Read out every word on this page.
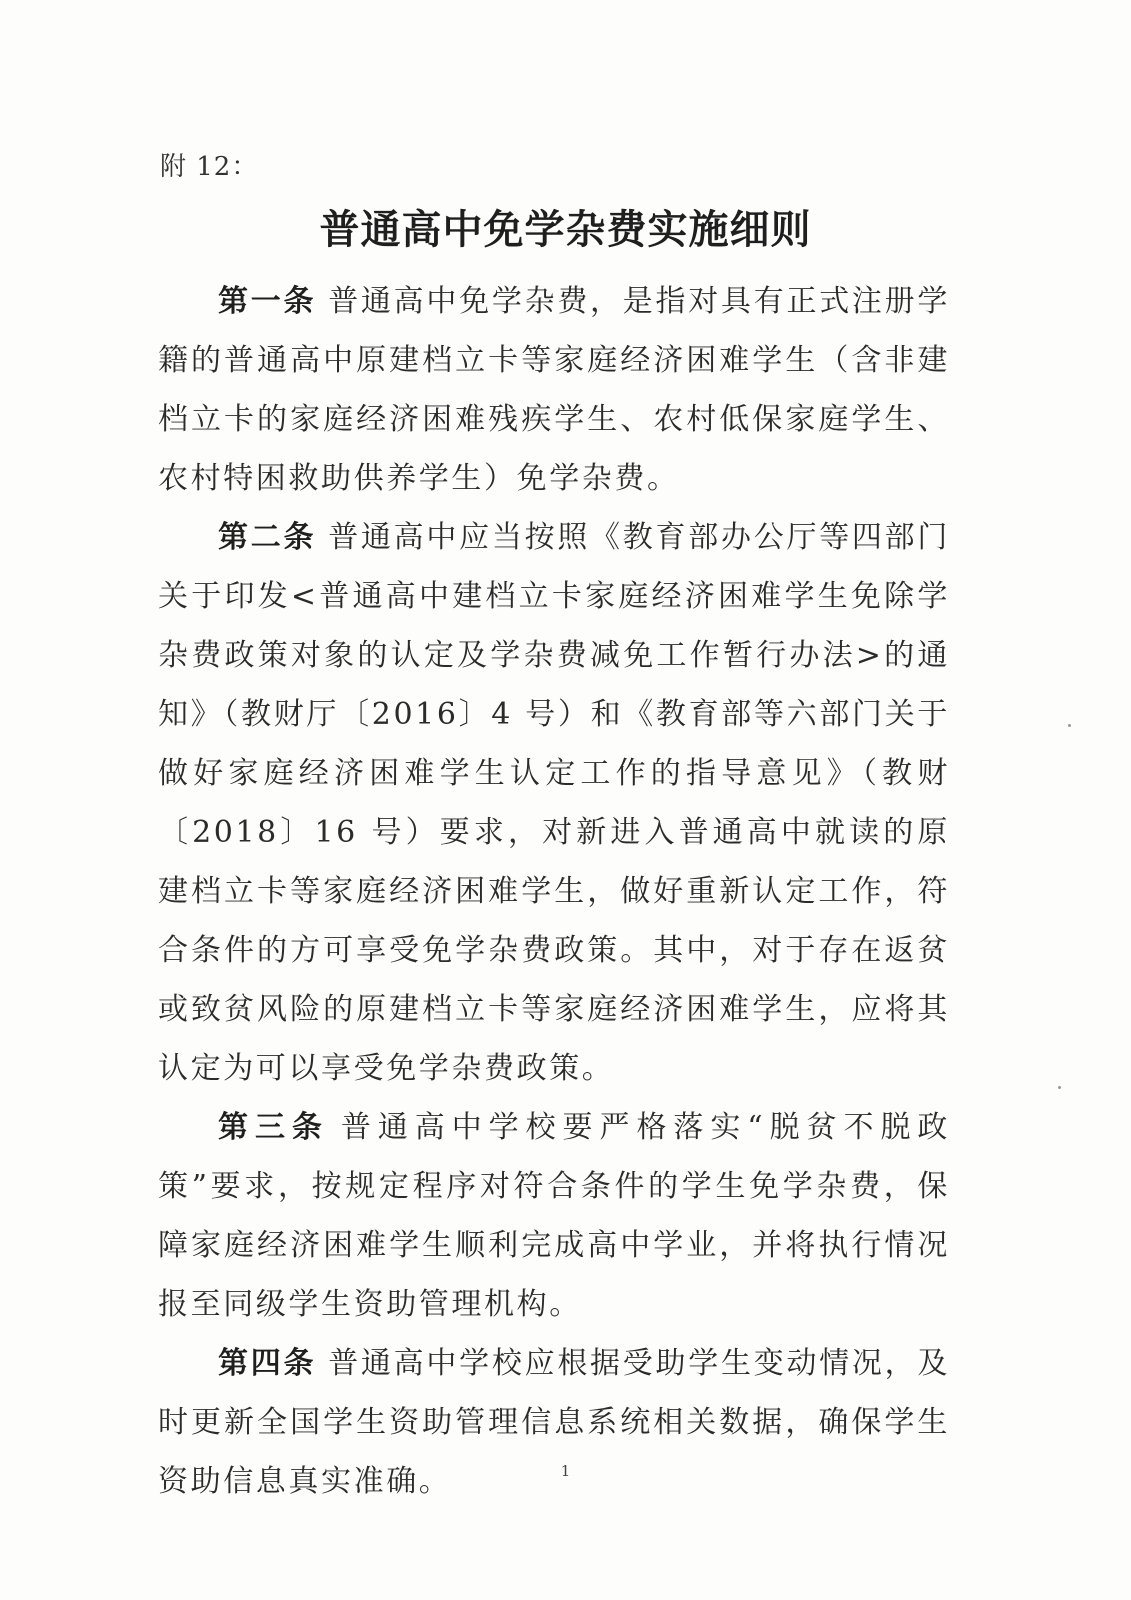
附 12：
普通高中免学杂费实施细则

第一条 普通高中免学杂费，是指对具有正式注册学籍的普通高中原建档立卡等家庭经济困难学生（含非建档立卡的家庭经济困难残疾学生、农村低保家庭学生、农村特困救助供养学生）免学杂费。

第二条 普通高中应当按照《教育部办公厅等四部门关于印发<普通高中建档立卡家庭经济困难学生免除学杂费政策对象的认定及学杂费减免工作暂行办法>的通知》（教财厅〔2016〕4 号）和《教育部等六部门关于做好家庭经济困难学生认定工作的指导意见》（教财〔2018〕16 号）要求，对新进入普通高中就读的原建档立卡等家庭经济困难学生，做好重新认定工作，符合条件的方可享受免学杂费政策。其中，对于存在返贫或致贫风险的原建档立卡等家庭经济困难学生，应将其认定为可以享受免学杂费政策。

第三条 普通高中学校要严格落实“脱贫不脱政策”要求，按规定程序对符合条件的学生免学杂费，保障家庭经济困难学生顺利完成高中学业，并将执行情况报至同级学生资助管理机构。

第四条 普通高中学校应根据受助学生变动情况，及时更新全国学生资助管理信息系统相关数据，确保学生资助信息真实准确。	1
